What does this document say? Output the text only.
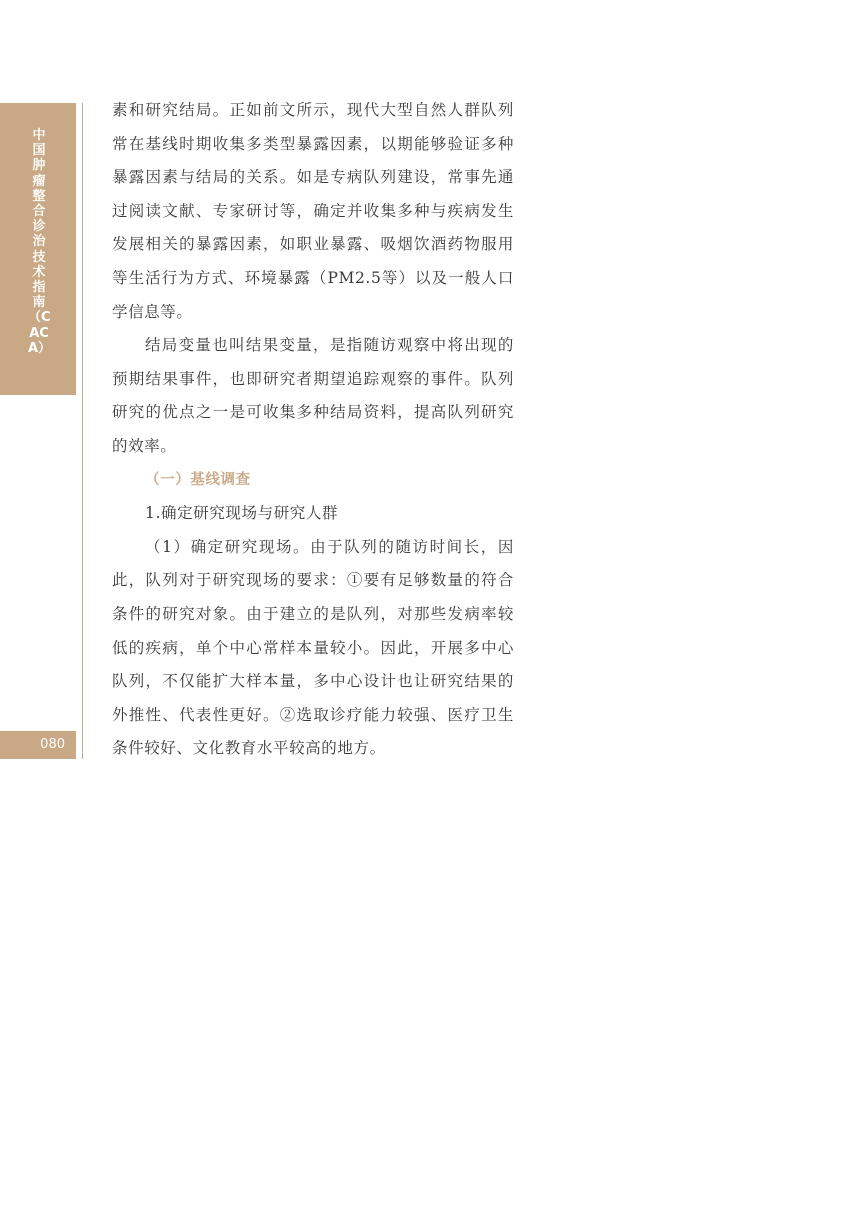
中国肿瘤整合诊治技术指南（CACA）
080

素和研究结局。正如前文所示，现代大型自然人群队列常在基线时期收集多类型暴露因素，以期能够验证多种暴露因素与结局的关系。如是专病队列建设，常事先通过阅读文献、专家研讨等，确定并收集多种与疾病发生发展相关的暴露因素，如职业暴露、吸烟饮酒药物服用等生活行为方式、环境暴露（PM2.5等）以及一般人口学信息等。

结局变量也叫结果变量，是指随访观察中将出现的预期结果事件，也即研究者期望追踪观察的事件。队列研究的优点之一是可收集多种结局资料，提高队列研究的效率。

（一）基线调查

1.确定研究现场与研究人群

（1）确定研究现场。由于队列的随访时间长，因此，队列对于研究现场的要求：①要有足够数量的符合条件的研究对象。由于建立的是队列，对那些发病率较低的疾病，单个中心常样本量较小。因此，开展多中心队列，不仅能扩大样本量，多中心设计也让研究结果的外推性、代表性更好。②选取诊疗能力较强、医疗卫生条件较好、文化教育水平较高的地方。
